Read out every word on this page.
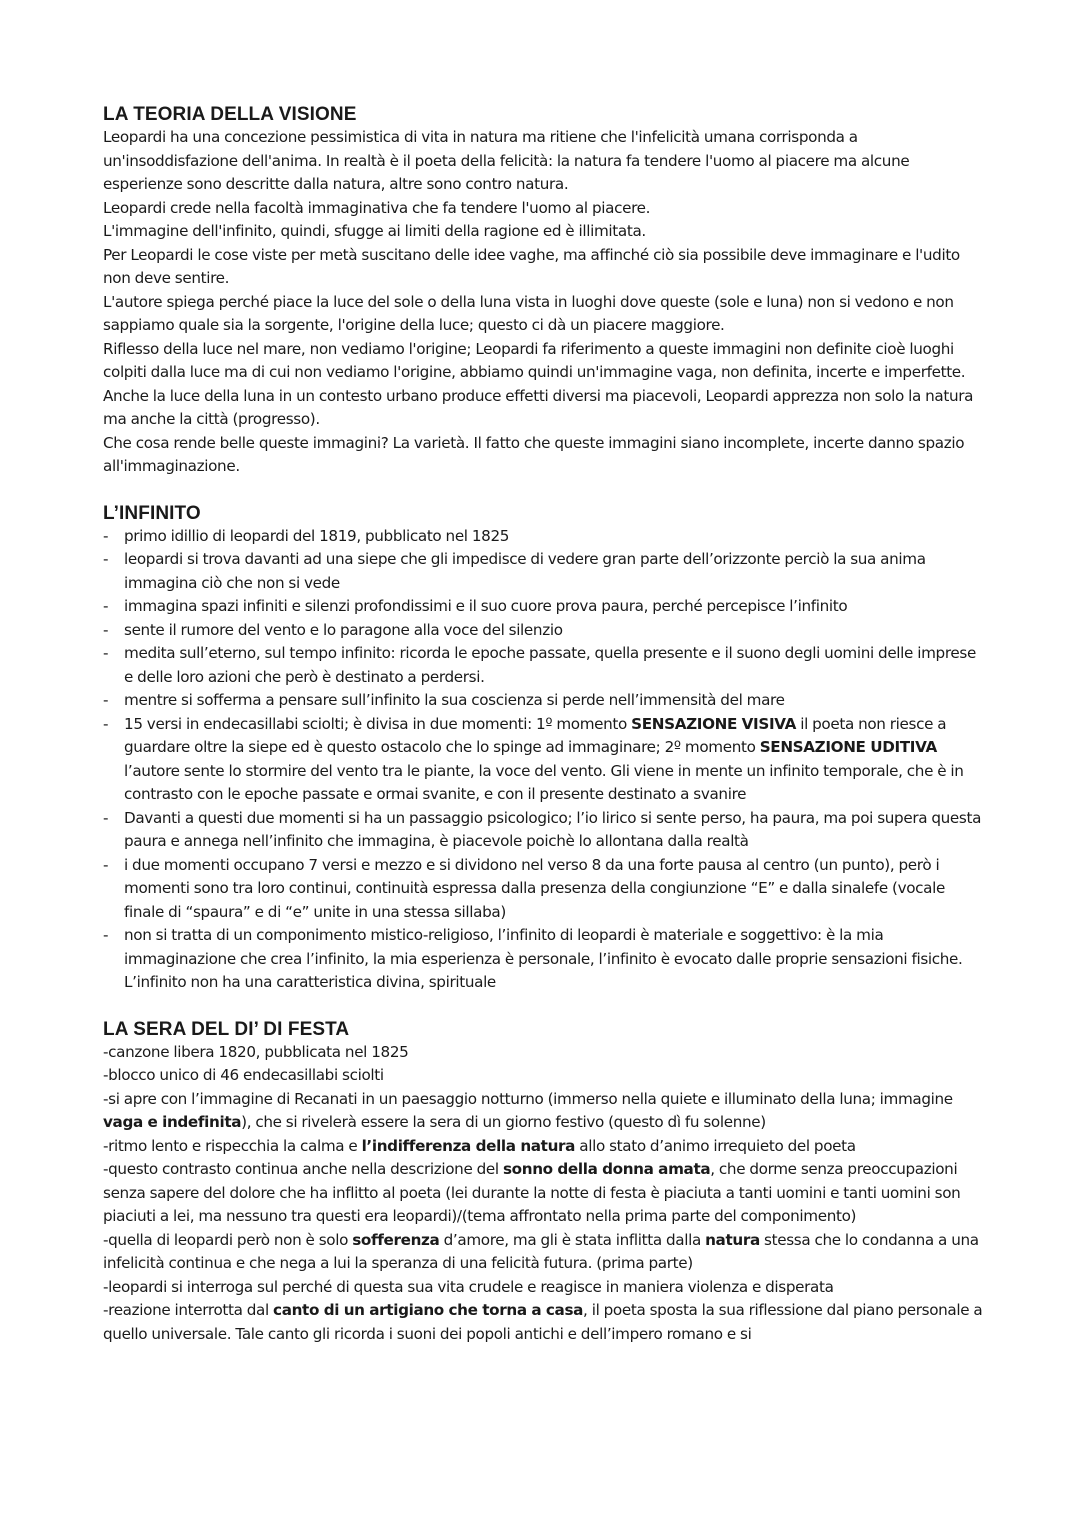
LA TEORIA DELLA VISIONE

Leopardi ha una concezione pessimistica di vita in natura ma ritiene che l'infelicità umana corrisponda a un'insoddisfazione dell'anima. In realtà è il poeta della felicità: la natura fa tendere l'uomo al piacere ma alcune esperienze sono descritte dalla natura, altre sono contro natura.

Leopardi crede nella facoltà immaginativa che fa tendere l'uomo al piacere.

L'immagine dell'infinito, quindi, sfugge ai limiti della ragione ed è illimitata.

Per Leopardi le cose viste per metà suscitano delle idee vaghe, ma affinché ciò sia possibile deve immaginare e l'udito non deve sentire.

L'autore spiega perché piace la luce del sole o della luna vista in luoghi dove queste (sole e luna) non si vedono e non sappiamo quale sia la sorgente, l'origine della luce; questo ci dà un piacere maggiore.

Riflesso della luce nel mare, non vediamo l'origine; Leopardi fa riferimento a queste immagini non definite cioè luoghi colpiti dalla luce ma di cui non vediamo l'origine, abbiamo quindi un'immagine vaga, non definita, incerte e imperfette.

Anche la luce della luna in un contesto urbano produce effetti diversi ma piacevoli, Leopardi apprezza non solo la natura ma anche la città (progresso).

Che cosa rende belle queste immagini? La varietà. Il fatto che queste immagini siano incomplete, incerte danno spazio all'immaginazione.

L’INFINITO
- primo idillio di leopardi del 1819, pubblicato nel 1825
- leopardi si trova davanti ad una siepe che gli impedisce di vedere gran parte dell’orizzonte perciò la sua anima immagina ciò che non si vede
- immagina spazi infiniti e silenzi profondissimi e il suo cuore prova paura, perché percepisce l’infinito
- sente il rumore del vento e lo paragone alla voce del silenzio
- medita sull’eterno, sul tempo infinito: ricorda le epoche passate, quella presente e il suono degli uomini delle imprese e delle loro azioni che però è destinato a perdersi.
- mentre si sofferma a pensare sull’infinito la sua coscienza si perde nell’immensità del mare
- 15 versi in endecasillabi sciolti; è divisa in due momenti: 1º momento SENSAZIONE VISIVA il poeta non riesce a guardare oltre la siepe ed è questo ostacolo che lo spinge ad immaginare; 2º momento SENSAZIONE UDITIVA l’autore sente lo stormire del vento tra le piante, la voce del vento. Gli viene in mente un infinito temporale, che è in contrasto con le epoche passate e ormai svanite, e con il presente destinato a svanire
- Davanti a questi due momenti si ha un passaggio psicologico; l’io lirico si sente perso, ha paura, ma poi supera questa paura e annega nell’infinito che immagina, è piacevole poichè lo allontana dalla realtà
- i due momenti occupano 7 versi e mezzo e si dividono nel verso 8 da una forte pausa al centro (un punto), però i momenti sono tra loro continui, continuità espressa dalla presenza della congiunzione “E” e dalla sinalefe (vocale finale di “spaura” e di “e” unite in una stessa sillaba)
- non si tratta di un componimento mistico-religioso, l’infinito di leopardi è materiale e soggettivo: è la mia immaginazione che crea l’infinito, la mia esperienza è personale, l’infinito è evocato dalle proprie sensazioni fisiche. L’infinito non ha una caratteristica divina, spirituale
LA SERA DEL DI’ DI FESTA

-canzone libera 1820, pubblicata nel 1825

-blocco unico di 46 endecasillabi sciolti

-si apre con l’immagine di Recanati in un paesaggio notturno (immerso nella quiete e illuminato della luna; immagine vaga e indefinita), che si rivelerà essere la sera di un giorno festivo (questo dì fu solenne)

-ritmo lento e rispecchia la calma e l’indifferenza della natura allo stato d’animo irrequieto del poeta

-questo contrasto continua anche nella descrizione del sonno della donna amata, che dorme senza preoccupazioni senza sapere del dolore che ha inflitto al poeta (lei durante la notte di festa è piaciuta a tanti uomini e tanti uomini son piaciuti a lei, ma nessuno tra questi era leopardi)/(tema affrontato nella prima parte del componimento)

-quella di leopardi però non è solo sofferenza d’amore, ma gli è stata inflitta dalla natura stessa che lo condanna a una infelicità continua e che nega a lui la speranza di una felicità futura. (prima parte)

-leopardi si interroga sul perché di questa sua vita crudele e reagisce in maniera violenza e disperata

-reazione interrotta dal canto di un artigiano che torna a casa, il poeta sposta la sua riflessione dal piano personale a quello universale. Tale canto gli ricorda i suoni dei popoli antichi e dell’impero romano e si
